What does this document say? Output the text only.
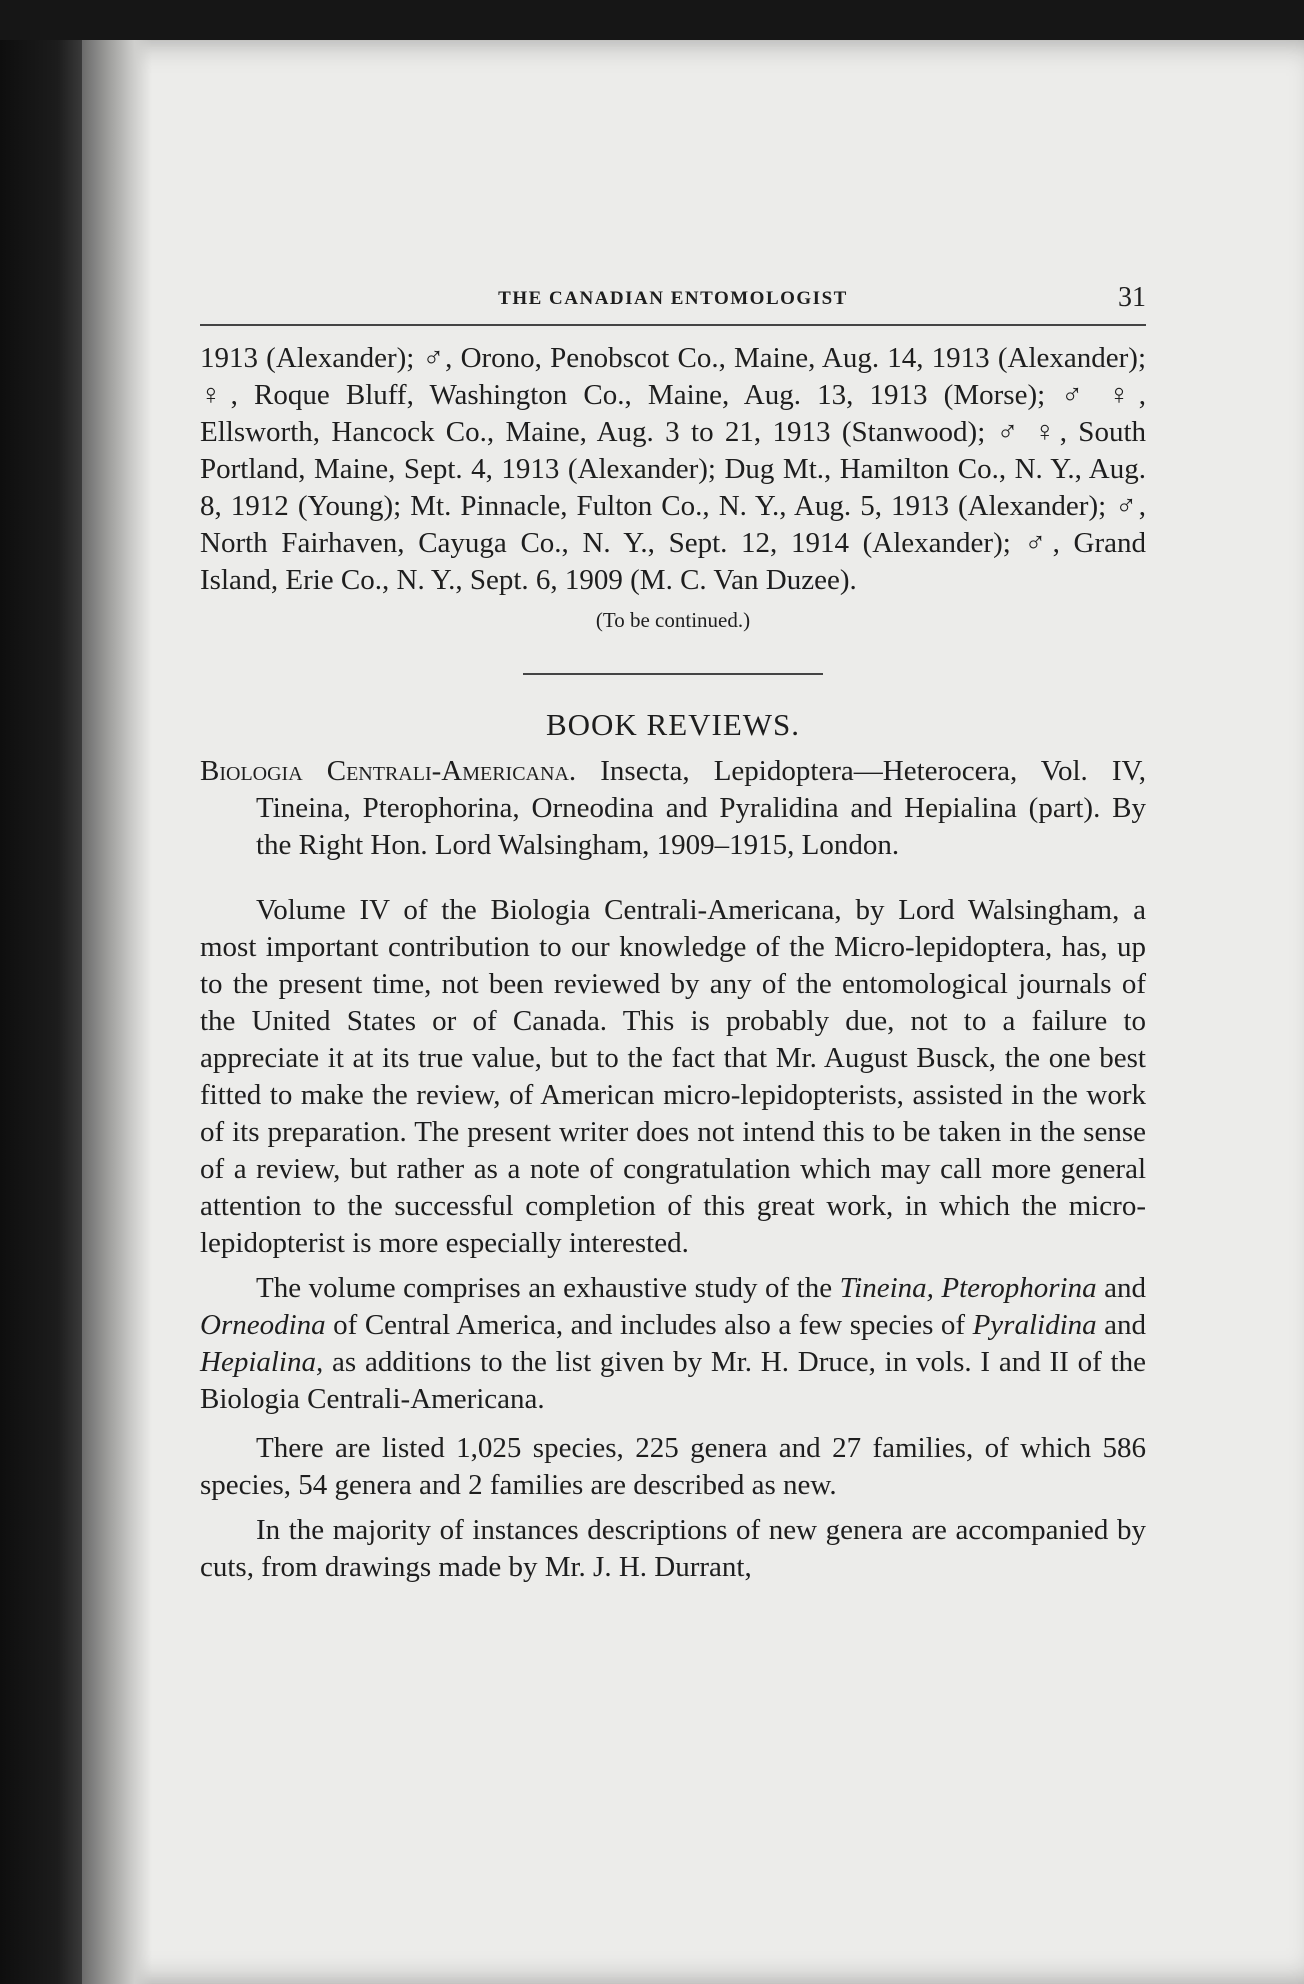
THE CANADIAN ENTOMOLOGIST	31

1913 (Alexander); ♂, Orono, Penobscot Co., Maine, Aug. 14, 1913 (Alexander); ♀, Roque Bluff, Washington Co., Maine, Aug. 13, 1913 (Morse); ♂ ♀, Ellsworth, Hancock Co., Maine, Aug. 3 to 21, 1913 (Stanwood); ♂ ♀, South Portland, Maine, Sept. 4, 1913 (Alexander); Dug Mt., Hamilton Co., N. Y., Aug. 8, 1912 (Young); Mt. Pinnacle, Fulton Co., N. Y., Aug. 5, 1913 (Alexander); ♂, North Fairhaven, Cayuga Co., N. Y., Sept. 12, 1914 (Alexander); ♂, Grand Island, Erie Co., N. Y., Sept. 6, 1909 (M. C. Van Duzee).

(To be continued.)
BOOK REVIEWS.

Biologia Centrali-Americana. Insecta, Lepidoptera—Heterocera, Vol. IV, Tineina, Pterophorina, Orneodina and Pyralidina and Hepialina (part). By the Right Hon. Lord Walsingham, 1909–1915, London.

Volume IV of the Biologia Centrali-Americana, by Lord Walsingham, a most important contribution to our knowledge of the Micro-lepidoptera, has, up to the present time, not been reviewed by any of the entomological journals of the United States or of Canada. This is probably due, not to a failure to appreciate it at its true value, but to the fact that Mr. August Busck, the one best fitted to make the review, of American micro-lepidopterists, assisted in the work of its preparation. The present writer does not intend this to be taken in the sense of a review, but rather as a note of congratulation which may call more general attention to the successful completion of this great work, in which the micro-lepidopterist is more especially interested.

The volume comprises an exhaustive study of the Tineina, Pterophorina and Orneodina of Central America, and includes also a few species of Pyralidina and Hepialina, as additions to the list given by Mr. H. Druce, in vols. I and II of the Biologia Centrali-Americana.

There are listed 1,025 species, 225 genera and 27 families, of which 586 species, 54 genera and 2 families are described as new.

In the majority of instances descriptions of new genera are accompanied by cuts, from drawings made by Mr. J. H. Durrant,
